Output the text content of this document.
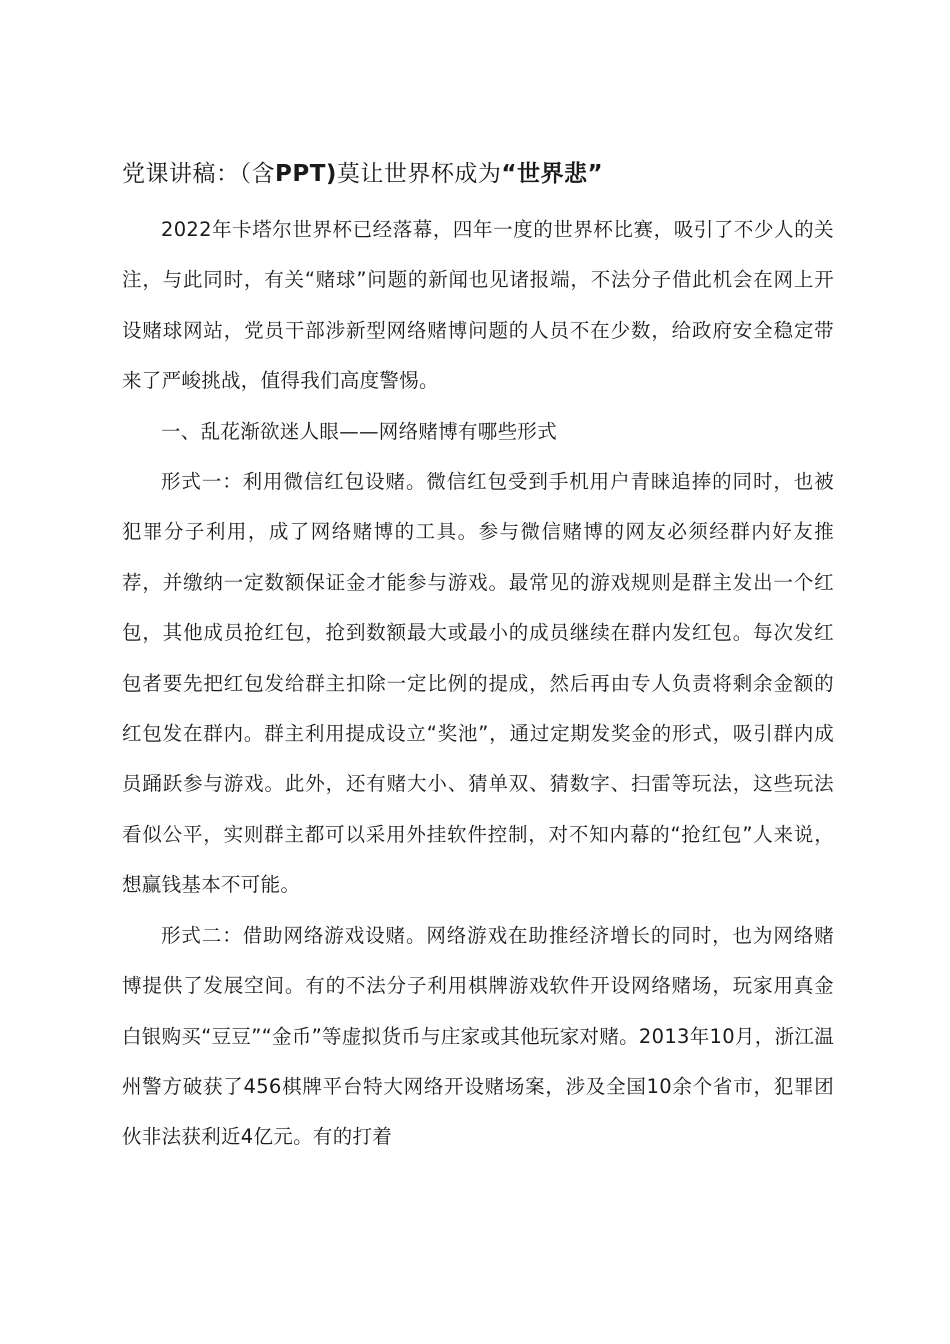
党课讲稿：（含PPT)莫让世界杯成为“世界悲”

2022年卡塔尔世界杯已经落幕，四年一度的世界杯比赛，吸引了不少人的关注，与此同时，有关“赌球”问题的新闻也见诸报端，不法分子借此机会在网上开设赌球网站，党员干部涉新型网络赌博问题的人员不在少数，给政府安全稳定带来了严峻挑战，值得我们高度警惕。

一、乱花渐欲迷人眼——网络赌博有哪些形式

形式一：利用微信红包设赌。微信红包受到手机用户青睐追捧的同时，也被犯罪分子利用，成了网络赌博的工具。参与微信赌博的网友必须经群内好友推荐，并缴纳一定数额保证金才能参与游戏。最常见的游戏规则是群主发出一个红包，其他成员抢红包，抢到数额最大或最小的成员继续在群内发红包。每次发红包者要先把红包发给群主扣除一定比例的提成，然后再由专人负责将剩余金额的红包发在群内。群主利用提成设立“奖池”，通过定期发奖金的形式，吸引群内成员踊跃参与游戏。此外，还有赌大小、猜单双、猜数字、扫雷等玩法，这些玩法看似公平，实则群主都可以采用外挂软件控制，对不知内幕的“抢红包”人来说，想赢钱基本不可能。

形式二：借助网络游戏设赌。网络游戏在助推经济增长的同时，也为网络赌博提供了发展空间。有的不法分子利用棋牌游戏软件开设网络赌场，玩家用真金白银购买“豆豆”“金币”等虚拟货币与庄家或其他玩家对赌。2013年10月，浙江温州警方破获了456棋牌平台特大网络开设赌场案，涉及全国10余个省市，犯罪团伙非法获利近4亿元。有的打着
